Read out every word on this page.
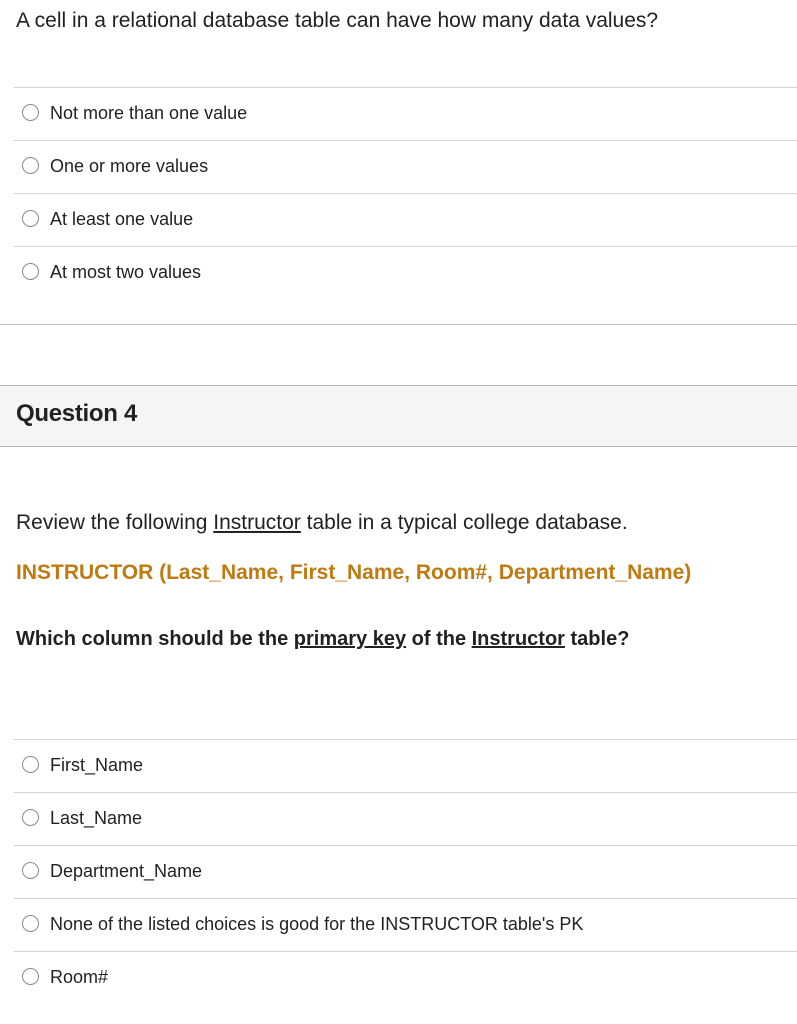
A cell in a relational database table can have how many data values?
Not more than one value
One or more values
At least one value
At most two values
Question 4
Review the following Instructor table in a typical college database.
INSTRUCTOR (Last_Name, First_Name, Room#, Department_Name)
Which column should be the primary key of the Instructor table?
First_Name
Last_Name
Department_Name
None of the listed choices is good for the INSTRUCTOR table's PK
Room#
